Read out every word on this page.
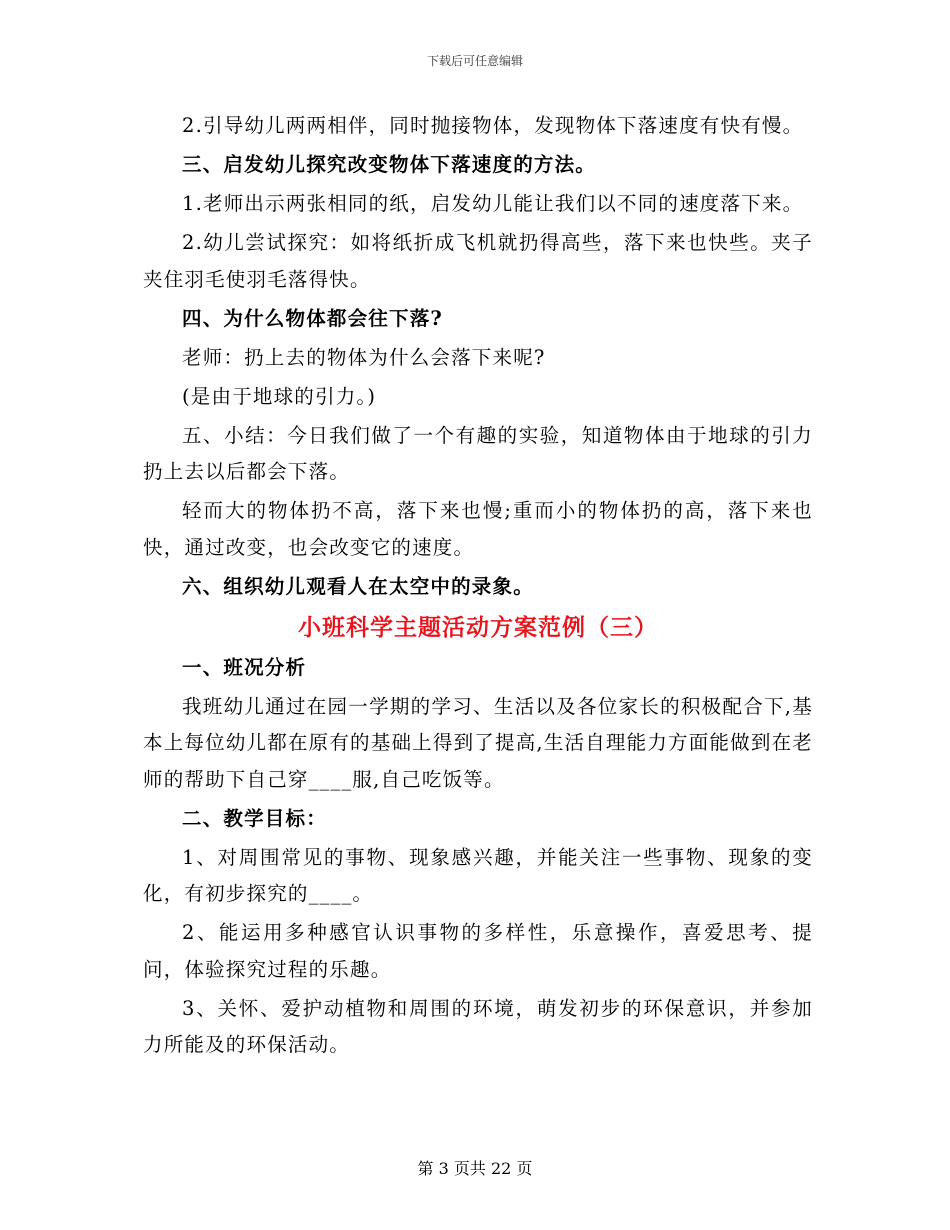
下载后可任意编辑

2.引导幼儿两两相伴，同时抛接物体，发现物体下落速度有快有慢。

三、启发幼儿探究改变物体下落速度的方法。

1.老师出示两张相同的纸，启发幼儿能让我们以不同的速度落下来。

2.幼儿尝试探究：如将纸折成飞机就扔得高些，落下来也快些。夹子夹住羽毛使羽毛落得快。

四、为什么物体都会往下落?

老师：扔上去的物体为什么会落下来呢?

(是由于地球的引力。)

五、小结：今日我们做了一个有趣的实验，知道物体由于地球的引力扔上去以后都会下落。

轻而大的物体扔不高，落下来也慢;重而小的物体扔的高，落下来也快，通过改变，也会改变它的速度。

六、组织幼儿观看人在太空中的录象。

小班科学主题活动方案范例（三）

一、班况分析

我班幼儿通过在园一学期的学习、生活以及各位家长的积极配合下,基本上每位幼儿都在原有的基础上得到了提高,生活自理能力方面能做到在老师的帮助下自己穿____服,自己吃饭等。

二、教学目标：

1、对周围常见的事物、现象感兴趣，并能关注一些事物、现象的变化，有初步探究的____。

2、能运用多种感官认识事物的多样性，乐意操作，喜爱思考、提问，体验探究过程的乐趣。

3、关怀、爱护动植物和周围的环境，萌发初步的环保意识，并参加力所能及的环保活动。

第 3 页共 22 页
